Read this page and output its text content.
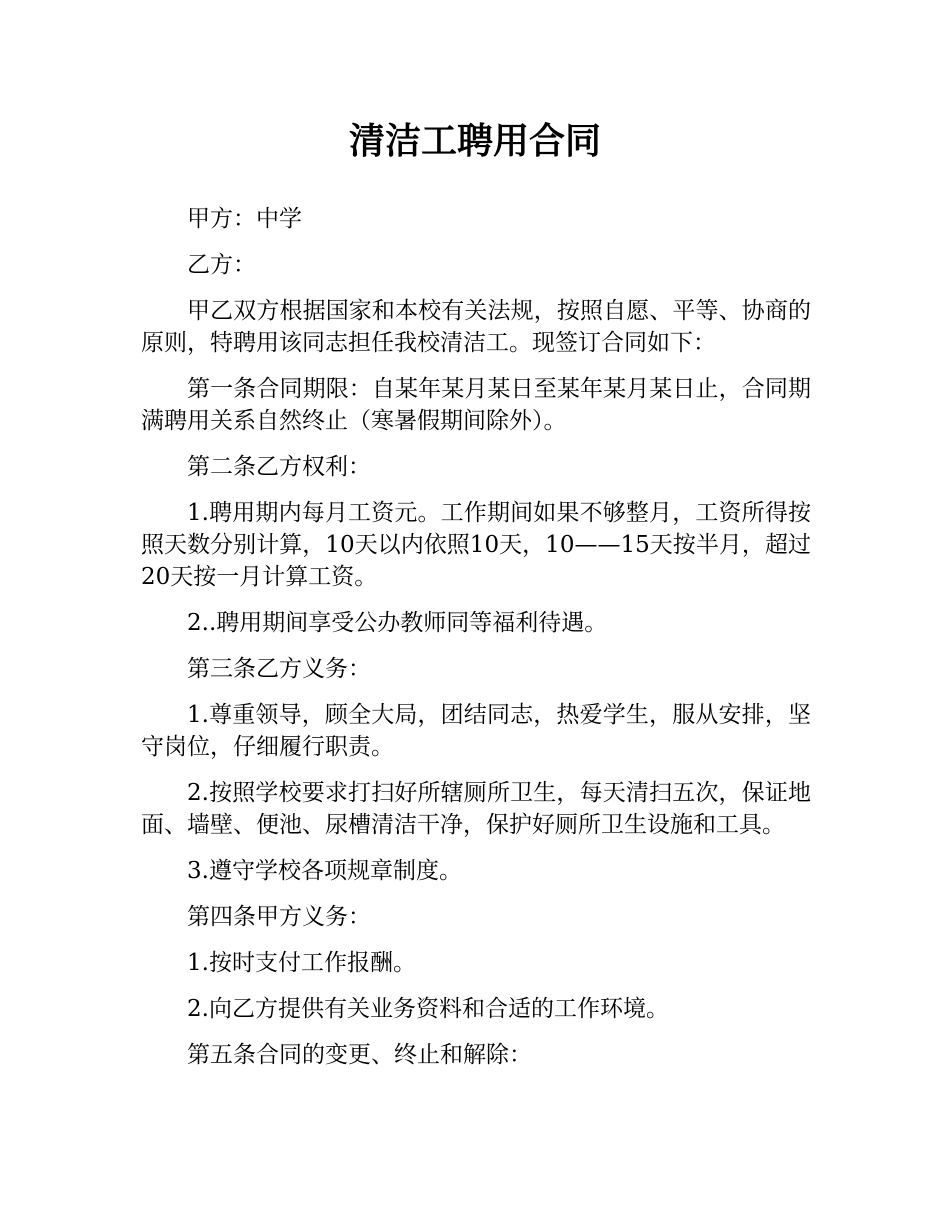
清洁工聘用合同

甲方：中学

乙方：

甲乙双方根据国家和本校有关法规，按照自愿、平等、协商的原则，特聘用该同志担任我校清洁工。现签订合同如下：

第一条合同期限：自某年某月某日至某年某月某日止，合同期满聘用关系自然终止（寒暑假期间除外）。

第二条乙方权利：

1.聘用期内每月工资元。工作期间如果不够整月，工资所得按照天数分别计算，10天以内依照10天，10——15天按半月，超过20天按一月计算工资。

2..聘用期间享受公办教师同等福利待遇。

第三条乙方义务：

1.尊重领导，顾全大局，团结同志，热爱学生，服从安排，坚守岗位，仔细履行职责。

2.按照学校要求打扫好所辖厕所卫生，每天清扫五次，保证地面、墙壁、便池、尿槽清洁干净，保护好厕所卫生设施和工具。

3.遵守学校各项规章制度。

第四条甲方义务：

1.按时支付工作报酬。

2.向乙方提供有关业务资料和合适的工作环境。

第五条合同的变更、终止和解除：
